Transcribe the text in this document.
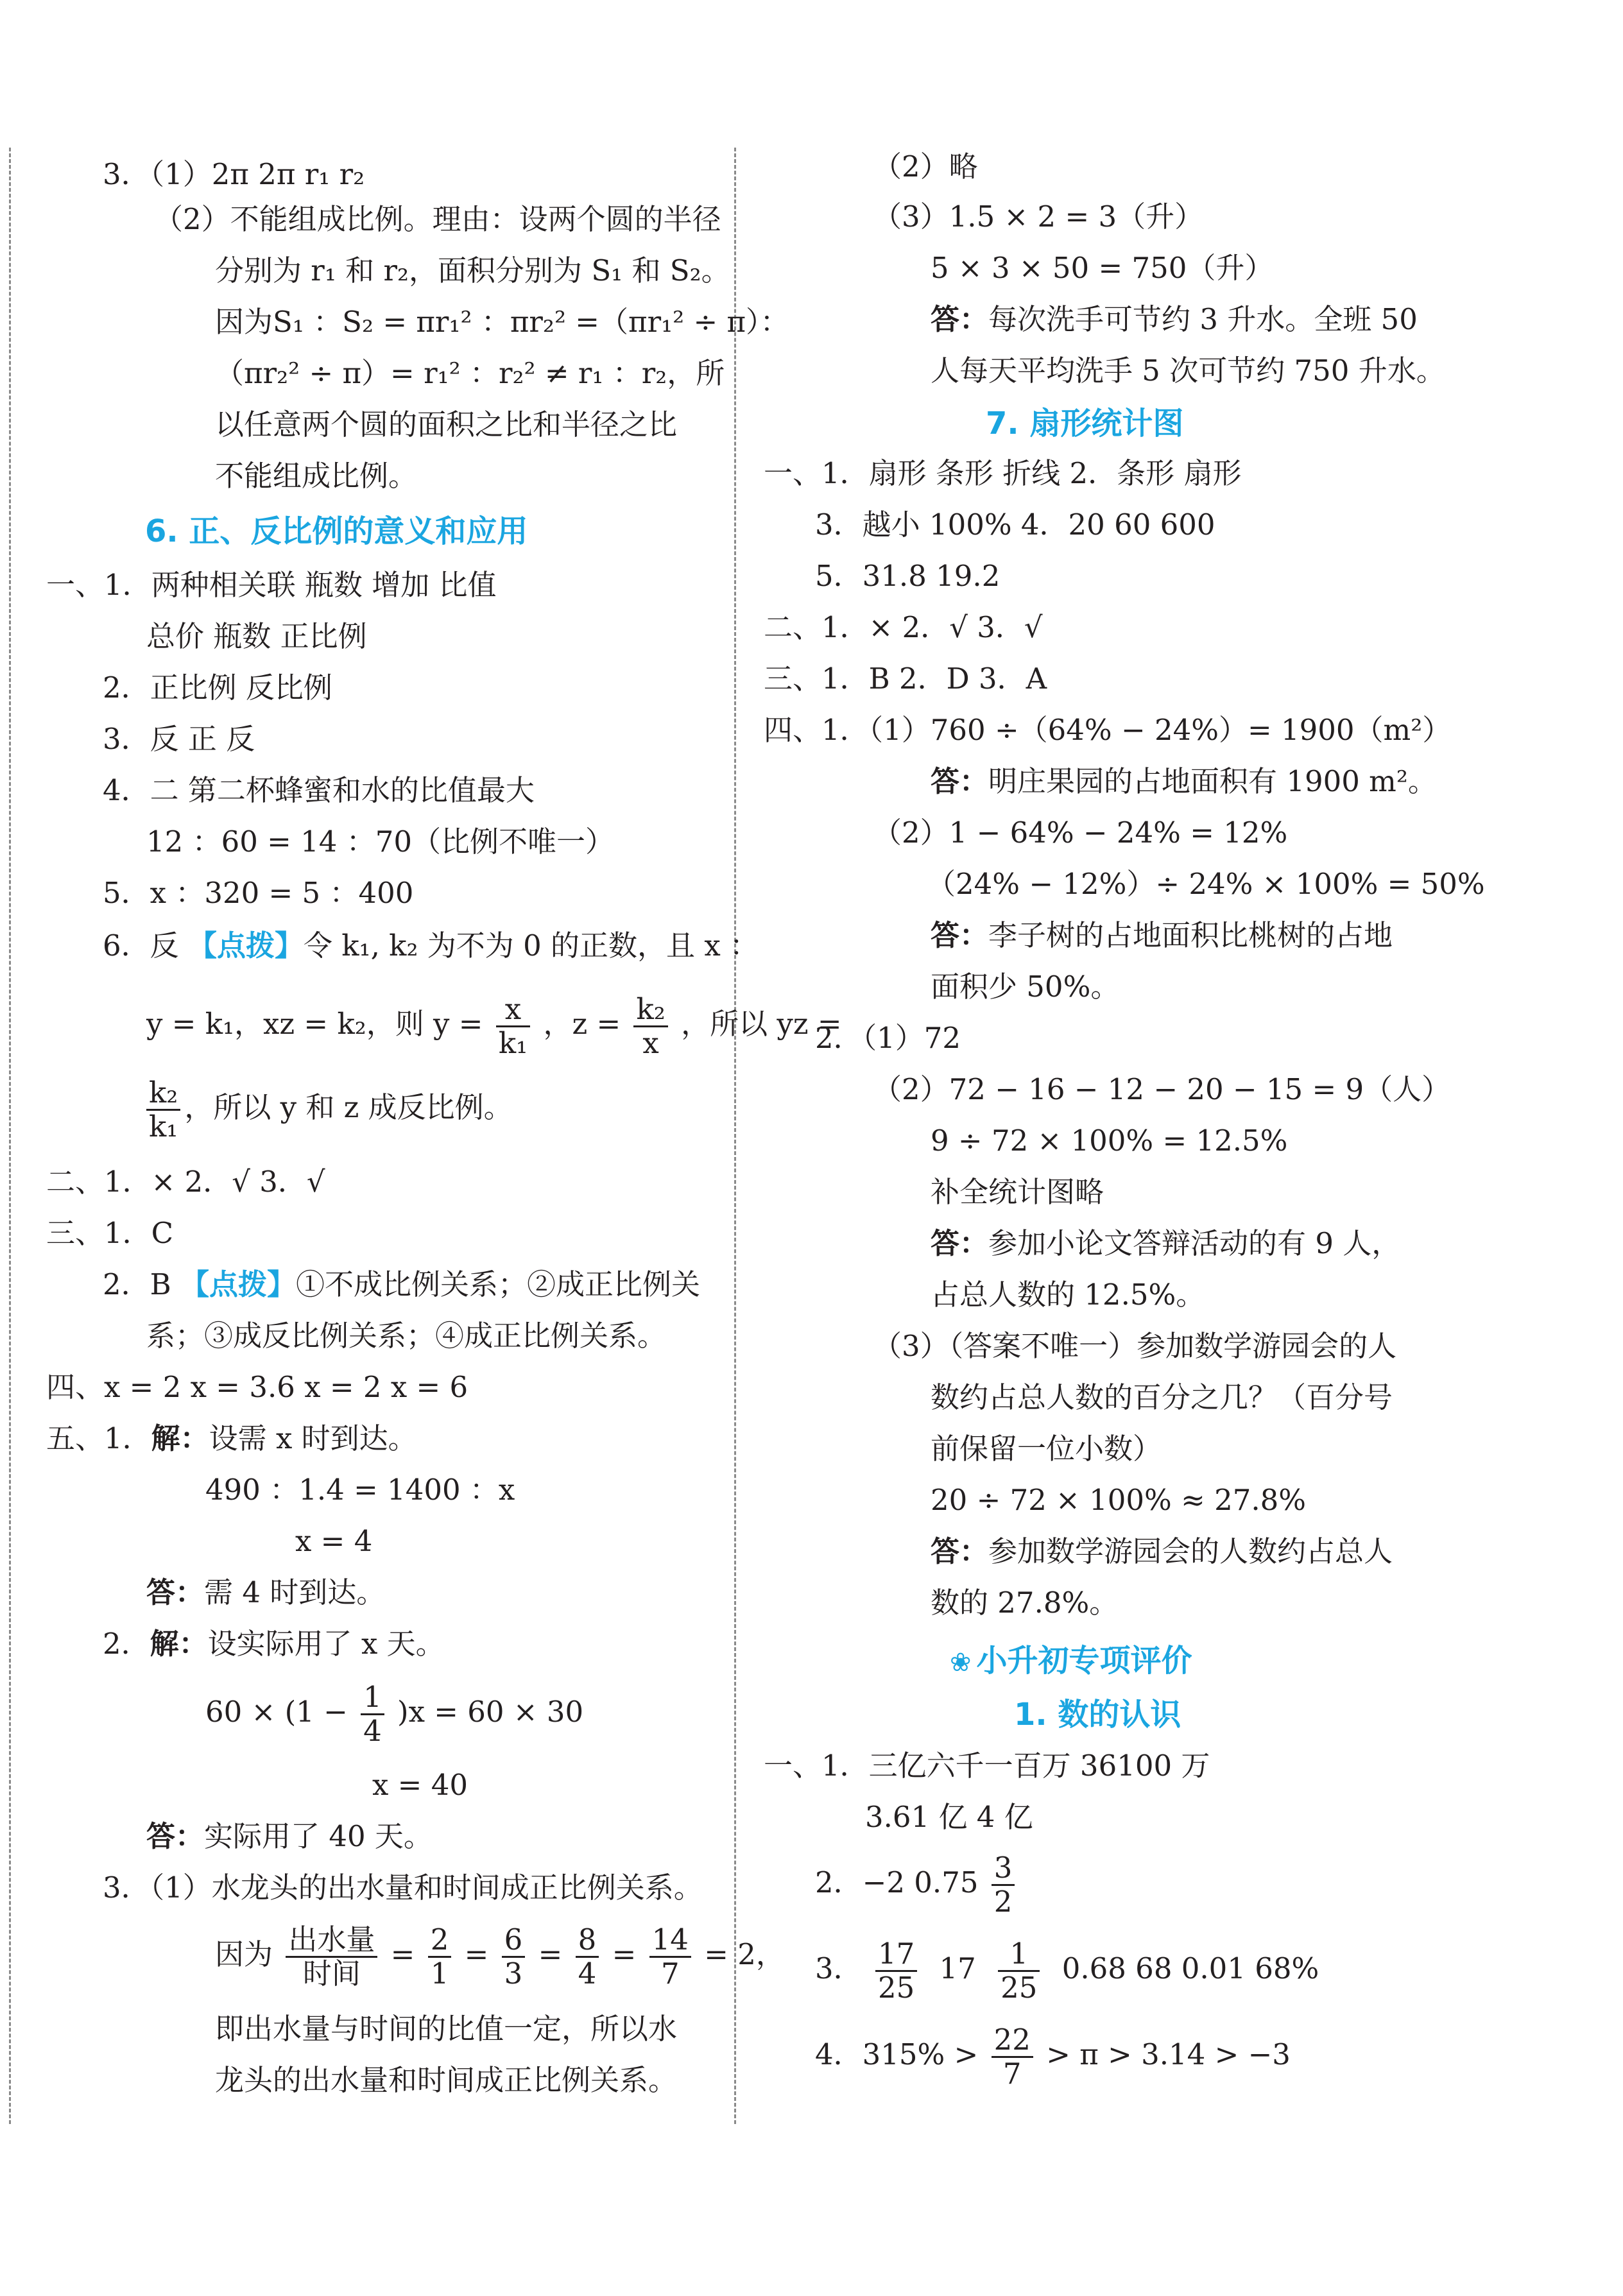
3．（1）2π 2π r₁ r₂
（2）不能组成比例。理由：设两个圆的半径
分别为 r₁ 和 r₂，面积分别为 S₁ 和 S₂。
因为S₁ ：S₂ = πr₁² ：πr₂² =（πr₁² ÷ π）：
（πr₂² ÷ π）= r₁² ：r₂² ≠ r₁ ：r₂，所
以任意两个圆的面积之比和半径之比
不能组成比例。
6. 正、反比例的意义和应用
一、1．两种相关联 瓶数 增加 比值
总价 瓶数 正比例
2．正比例 反比例
3．反 正 反
4．二 第二杯蜂蜜和水的比值最大
12 ：60 = 14 ：70（比例不唯一）
5．x ：320 = 5 ：400
6．反 【点拨】令 k₁, k₂ 为不为 0 的正数，且 x ：
y = k₁，xz = k₂，则 $y = \frac{x}{\text{k₁}}$ ，$z = \frac{\text{k₂}}{x}$ ，所以 yz =
$\frac{\text{k₂}}{\text{k₁}}$ ，所以 y 和 z 成反比例。
二、1．× 2．√ 3．√
三、1．C
2．B 【点拨】①不成比例关系；②成正比例关
系；③成反比例关系；④成正比例关系。
四、x = 2 x = 3.6 x = 2 x = 6
五、1．解：设需 x 时到达。
490 ：1.4 = 1400 ：x
x = 4
答：需 4 时到达。
2．解：设实际用了 x 天。
$60 \times (1 - \frac{1}{4} )x = 60 \times 30$
x = 40
答：实际用了 40 天。
3．（1）水龙头的出水量和时间成正比例关系。
因为 $\frac{\text{出水量}}{\text{时间}} = \frac{2}{1} = \frac{6}{3} = \frac{8}{4} = \frac{14}{7} = 2$，
即出水量与时间的比值一定，所以水
龙头的出水量和时间成正比例关系。
（2）略
（3）1.5 × 2 = 3（升）
5 × 3 × 50 = 750（升）
答：每次洗手可节约 3 升水。全班 50
人每天平均洗手 5 次可节约 750 升水。
7. 扇形统计图
一、1．扇形 条形 折线 2．条形 扇形
3．越小 100% 4．20 60 600
5．31.8 19.2
二、1．× 2．√ 3．√
三、1．B 2．D 3．A
四、1．（1）760 ÷（64% − 24%）= 1900（m²）
答：明庄果园的占地面积有 1900 m²。
（2）1 − 64% − 24% = 12%
（24% − 12%）÷ 24% × 100% = 50%
答：李子树的占地面积比桃树的占地
面积少 50%。
2．（1）72
（2）72 − 16 − 12 − 20 − 15 = 9（人）
9 ÷ 72 × 100% = 12.5%
补全统计图略
答：参加小论文答辩活动的有 9 人，
占总人数的 12.5%。
（3）（答案不唯一）参加数学游园会的人
数约占总人数的百分之几？（百分号
前保留一位小数）
20 ÷ 72 × 100% ≈ 27.8%
答：参加数学游园会的人数约占总人
数的 27.8%。
❀ 小升初专项评价
1. 数的认识
一、1．三亿六千一百万 36100 万
3.61 亿 4 亿
2．−2 $0.75 \frac{3}{2}$
3． $\frac{17}{25} 17 \frac{1}{25} 0.68$ 68 0.01 68%
4．$315\% > \frac{22}{7} > \pi > 3.14 > -3$
